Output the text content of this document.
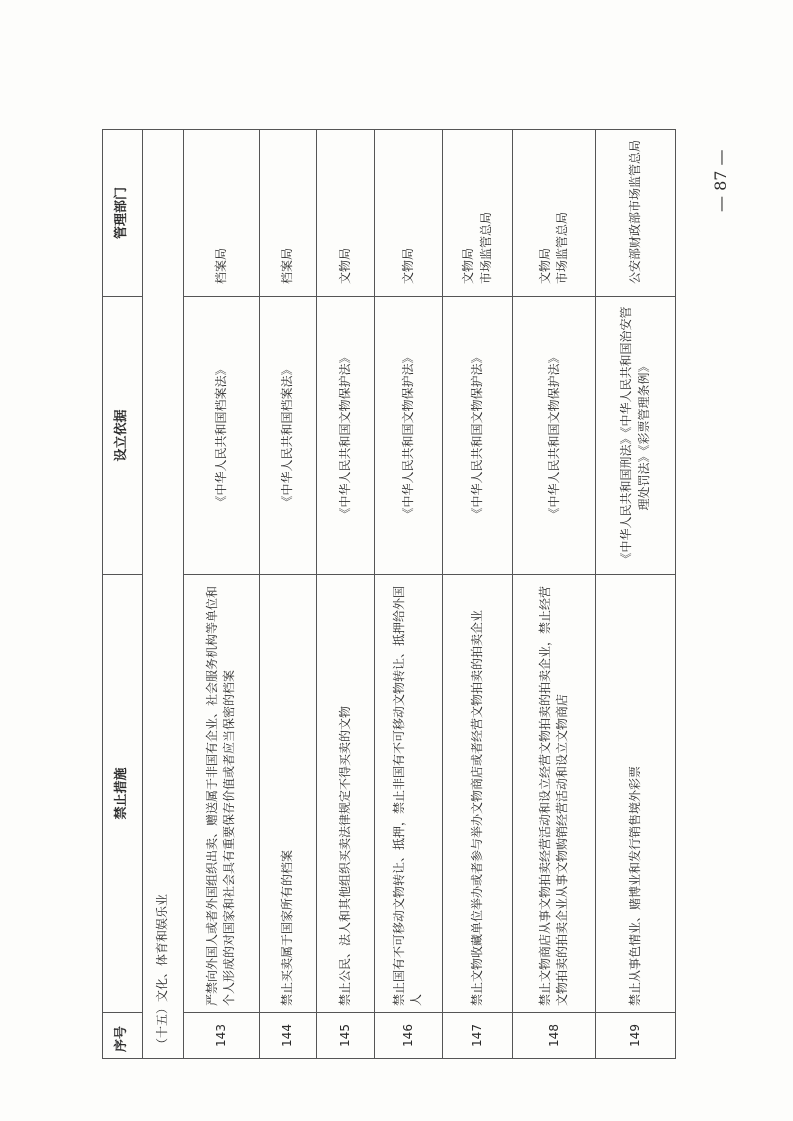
序号	禁止措施	设立依据	管理部门
（十五）文化、体育和娱乐业			
143	严禁向外国人或者外国组织出卖、赠送属于非国有企业、社会服务机构等单位和个人形成的对国家和社会具有重要保存价值或者应当保密的档案	《中华人民共和国档案法》	档案局

144	禁止买卖属于国家所有的档案	《中华人民共和国档案法》	档案局

145	禁止公民、法人和其他组织买卖法律规定不得买卖的文物	《中华人民共和国文物保护法》	文物局

146	禁止国有不可移动文物转让、抵押，禁止非国有不可移动文物转让、抵押给外国人	《中华人民共和国文物保护法》	文物局

147	禁止文物收藏单位举办或者参与举办文物商店或者经营文物拍卖的拍卖企业	《中华人民共和国文物保护法》	文物局 市场监管总局

148	禁止文物商店从事文物拍卖经营活动和设立经营文物拍卖的拍卖企业，禁止经营文物拍卖的拍卖企业从事文物购销经营活动和设立文物商店	《中华人民共和国文物保护法》	文物局 市场监管总局

149	禁止从事色情业、赌博业和发行销售境外彩票	《中华人民共和国刑法》《中华人民共和国治安管理处罚法》《彩票管理条例》	公安部财政部市场监管总局	— 87 —
